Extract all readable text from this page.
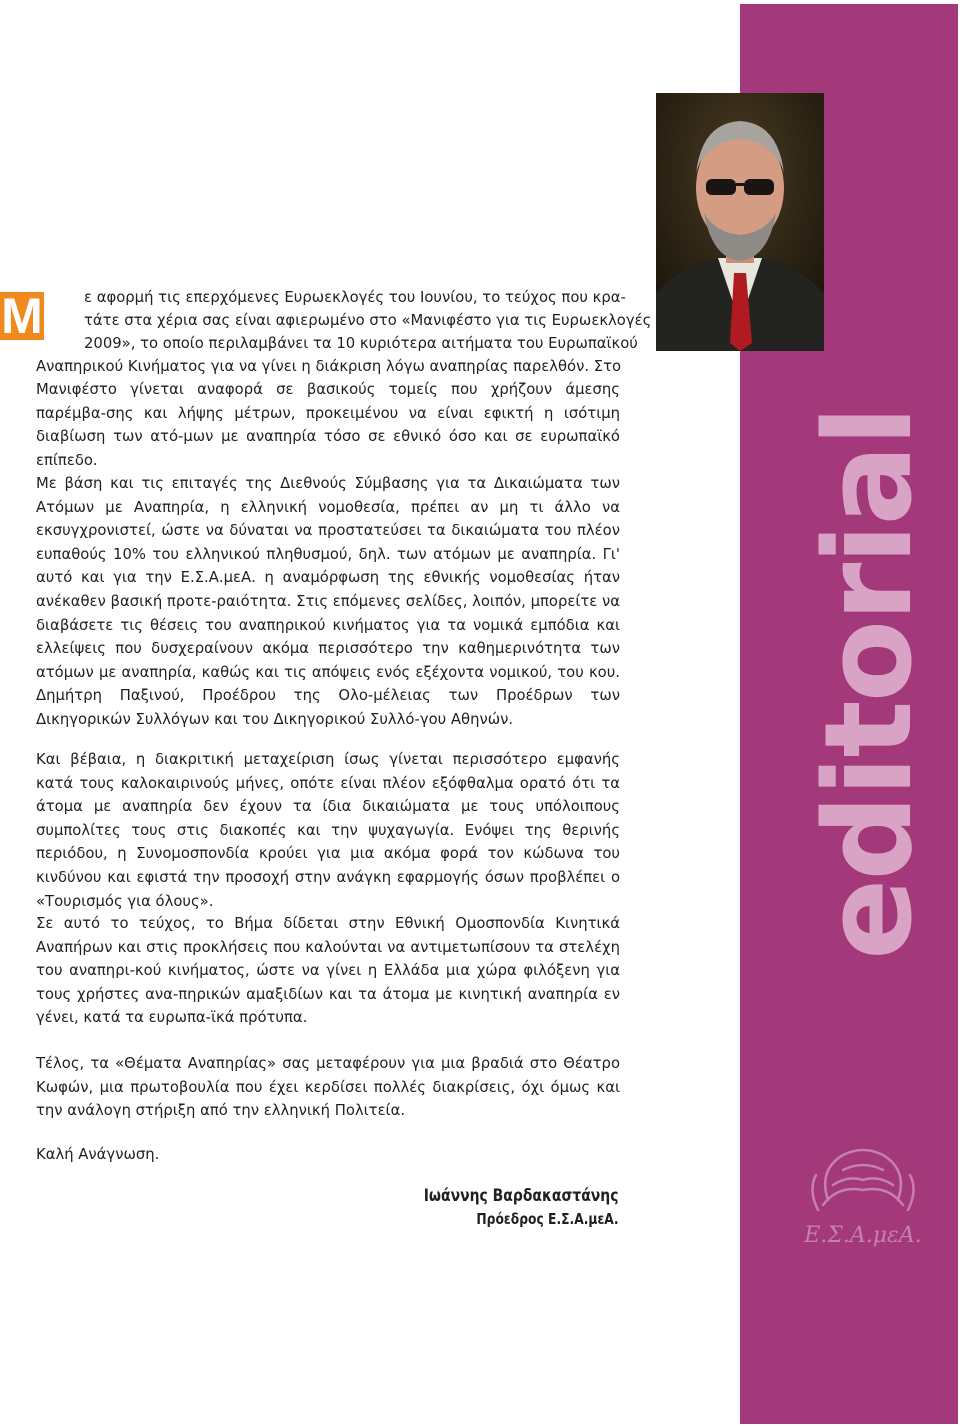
editorial
Μ	ε αφορμή τις επερχόμενες Ευρωεκλογές του Ιουνίου, το τεύχος που κρα-

τάτε στα χέρια σας είναι αφιερωμένο στο «Μανιφέστο για τις Ευρωεκλογές

2009», το οποίο περιλαμβάνει τα 10 κυριότερα αιτήματα του Ευρωπαϊκού

Αναπηρικού Κινήματος για να γίνει η διάκριση λόγω αναπηρίας παρελθόν. Στο

Μανιφέστο γίνεται αναφορά σε βασικούς τομείς που χρήζουν άμεσης παρέμβα-σης και λήψης μέτρων, προκειμένου να είναι εφικτή η ισότιμη διαβίωση των ατό-μων με αναπηρία τόσο σε εθνικό όσο και σε ευρωπαϊκό επίπεδο.

Με βάση και τις επιταγές της Διεθνούς Σύμβασης για τα Δικαιώματα των Ατόμων με Αναπηρία, η ελληνική νομοθεσία, πρέπει αν μη τι άλλο να εκσυγχρονιστεί, ώστε να δύναται να προστατεύσει τα δικαιώματα του πλέον ευπαθούς 10% του ελληνικού πληθυσμού, δηλ. των ατόμων με αναπηρία. Γι' αυτό και για την Ε.Σ.Α.μεΑ. η αναμόρφωση της εθνικής νομοθεσίας ήταν ανέκαθεν βασική προτε-ραιότητα. Στις επόμενες σελίδες, λοιπόν, μπορείτε να διαβάσετε τις θέσεις του αναπηρικού κινήματος για τα νομικά εμπόδια και ελλείψεις που δυσχεραίνουν ακόμα περισσότερο την καθημερινότητα των ατόμων με αναπηρία, καθώς και τις απόψεις ενός εξέχοντα νομικού, του κου. Δημήτρη Παξινού, Προέδρου της Ολο-μέλειας των Προέδρων των Δικηγορικών Συλλόγων και του Δικηγορικού Συλλό-γου Αθηνών.

Και βέβαια, η διακριτική μεταχείριση ίσως γίνεται περισσότερο εμφανής κατά τους καλοκαιρινούς μήνες, οπότε είναι πλέον εξόφθαλμα ορατό ότι τα άτομα με αναπηρία δεν έχουν τα ίδια δικαιώματα με τους υπόλοιπους συμπολίτες τους στις διακοπές και την ψυχαγωγία. Ενόψει της θερινής περιόδου, η Συνομοσπονδία κρούει για μια ακόμα φορά τον κώδωνα του κινδύνου και εφιστά την προσοχή στην ανάγκη εφαρμογής όσων προβλέπει ο «Τουρισμός για όλους».

Σε αυτό το τεύχος, το Βήμα δίδεται στην Εθνική Ομοσπονδία Κινητικά Αναπήρων και στις προκλήσεις που καλούνται να αντιμετωπίσουν τα στελέχη του αναπηρι-κού κινήματος, ώστε να γίνει η Ελλάδα μια χώρα φιλόξενη για τους χρήστες ανα-πηρικών αμαξιδίων και τα άτομα με κινητική αναπηρία εν γένει, κατά τα ευρωπα-ϊκά πρότυπα.

Τέλος, τα «Θέματα Αναπηρίας» σας μεταφέρουν για μια βραδιά στο Θέατρο Κωφών, μια πρωτοβουλία που έχει κερδίσει πολλές διακρίσεις, όχι όμως και την ανάλογη στήριξη από την ελληνική Πολιτεία.

Καλή Ανάγνωση.

Ιωάννης Βαρδακαστάνης
Πρόεδρος Ε.Σ.Α.μεΑ.
Ε.Σ.Α.μεΑ.
